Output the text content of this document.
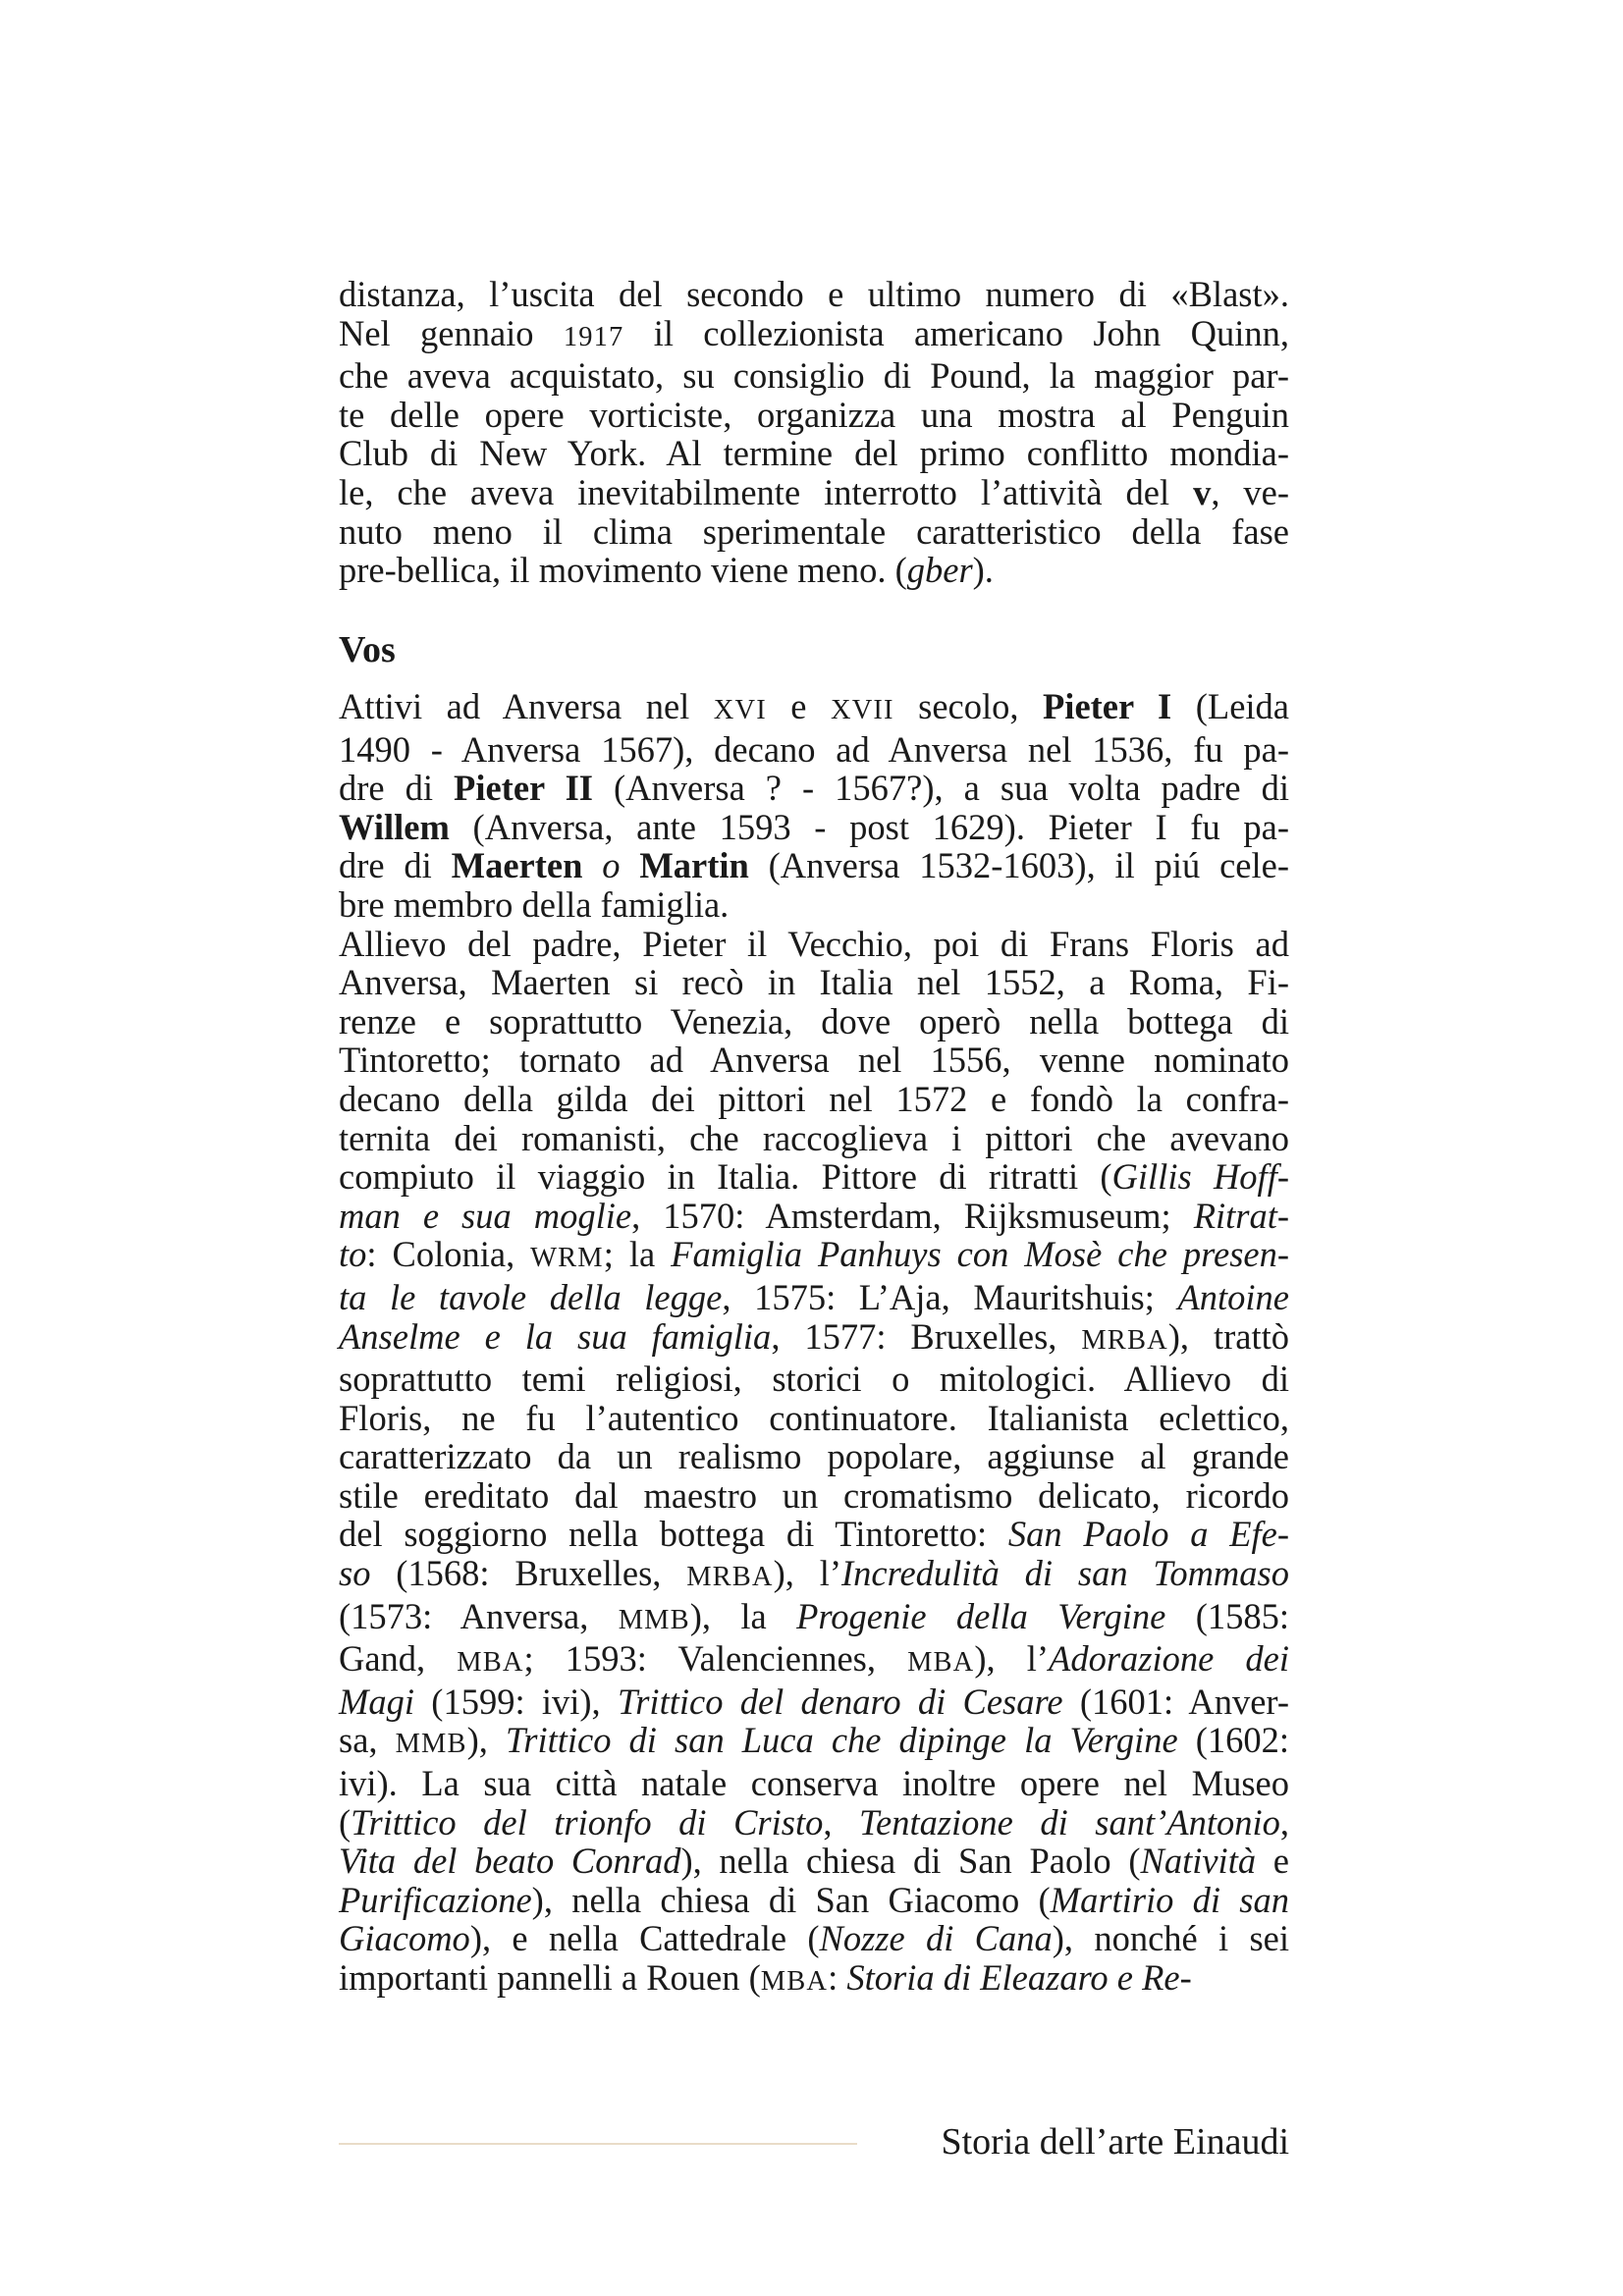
distanza, l’uscita del secondo e ultimo numero di «Blast».
Nel gennaio 1917 il collezionista americano John Quinn,
che aveva acquistato, su consiglio di Pound, la maggior par-
te delle opere vorticiste, organizza una mostra al Penguin
Club di New York. Al termine del primo conflitto mondia-
le, che aveva inevitabilmente interrotto l’attività del v, ve-
nuto meno il clima sperimentale caratteristico della fase
pre-bellica, il movimento viene meno. (gber).
Vos
Attivi ad Anversa nel XVI e XVII secolo, Pieter I (Leida
1490 - Anversa 1567), decano ad Anversa nel 1536, fu pa-
dre di Pieter II (Anversa ? - 1567?), a sua volta padre di
Willem (Anversa, ante 1593 - post 1629). Pieter I fu pa-
dre di Maerten o Martin (Anversa 1532-1603), il piú cele-
bre membro della famiglia.
Allievo del padre, Pieter il Vecchio, poi di Frans Floris ad
Anversa, Maerten si recò in Italia nel 1552, a Roma, Fi-
renze e soprattutto Venezia, dove operò nella bottega di
Tintoretto; tornato ad Anversa nel 1556, venne nominato
decano della gilda dei pittori nel 1572 e fondò la confra-
ternita dei romanisti, che raccoglieva i pittori che avevano
compiuto il viaggio in Italia. Pittore di ritratti (Gillis Hoff-
man e sua moglie, 1570: Amsterdam, Rijksmuseum; Ritrat-
to: Colonia, WRM; la Famiglia Panhuys con Mosè che presen-
ta le tavole della legge, 1575: L’Aja, Mauritshuis; Antoine
Anselme e la sua famiglia, 1577: Bruxelles, MRBA), trattò
soprattutto temi religiosi, storici o mitologici. Allievo di
Floris, ne fu l’autentico continuatore. Italianista eclettico,
caratterizzato da un realismo popolare, aggiunse al grande
stile ereditato dal maestro un cromatismo delicato, ricordo
del soggiorno nella bottega di Tintoretto: San Paolo a Efe-
so (1568: Bruxelles, MRBA), l’Incredulità di san Tommaso
(1573: Anversa, MMB), la Progenie della Vergine (1585:
Gand, MBA; 1593: Valenciennes, MBA), l’Adorazione dei
Magi (1599: ivi), Trittico del denaro di Cesare (1601: Anver-
sa, MMB), Trittico di san Luca che dipinge la Vergine (1602:
ivi). La sua città natale conserva inoltre opere nel Museo
(Trittico del trionfo di Cristo, Tentazione di sant’Antonio,
Vita del beato Conrad), nella chiesa di San Paolo (Natività e
Purificazione), nella chiesa di San Giacomo (Martirio di san
Giacomo), e nella Cattedrale (Nozze di Cana), nonché i sei
importanti pannelli a Rouen (MBA: Storia di Eleazaro e Re-
Storia dell’arte Einaudi
